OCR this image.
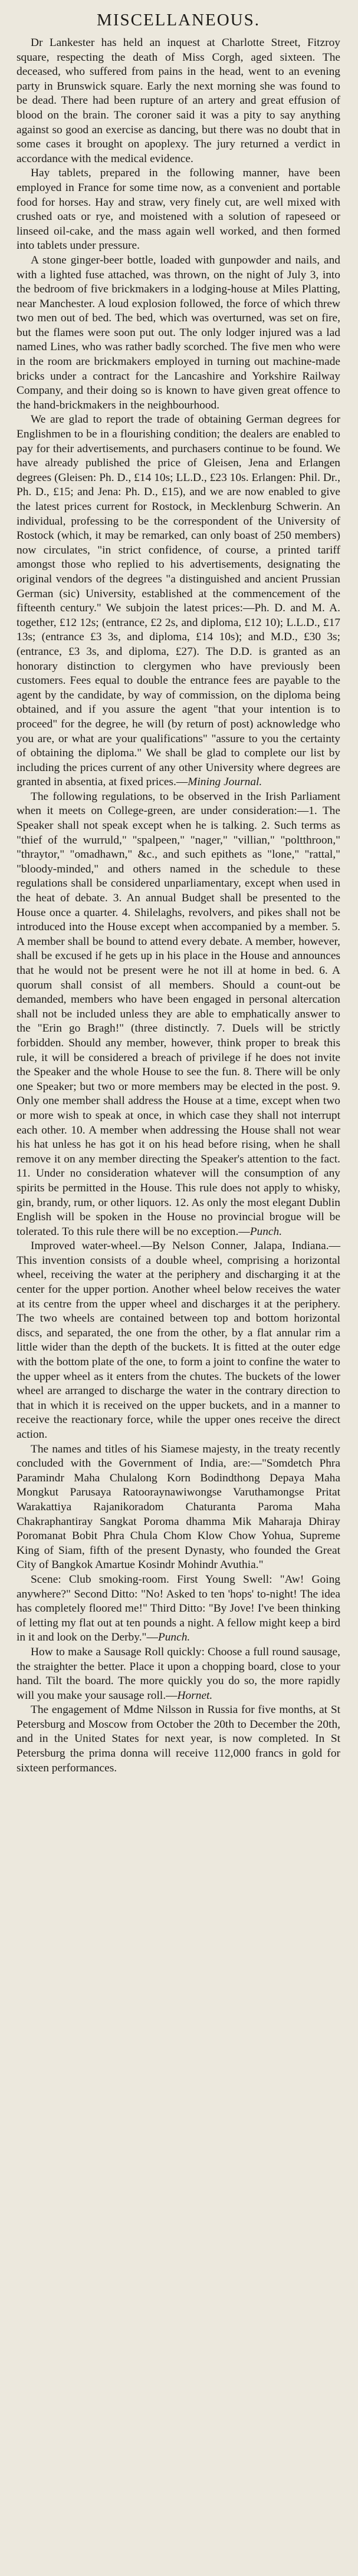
MISCELLANEOUS.

Dr Lankester has held an inquest at Charlotte Street, Fitzroy square, respecting the death of Miss Corgh, aged sixteen. The deceased, who suffered from pains in the head, went to an evening party in Brunswick square. Early the next morning she was found to be dead. There had been rupture of an artery and great effusion of blood on the brain. The coroner said it was a pity to say anything against so good an exercise as dancing, but there was no doubt that in some cases it brought on apoplexy. The jury returned a verdict in accordance with the medical evidence.

Hay tablets, prepared in the following manner, have been employed in France for some time now, as a convenient and portable food for horses. Hay and straw, very finely cut, are well mixed with crushed oats or rye, and moistened with a solution of rapeseed or linseed oil-cake, and the mass again well worked, and then formed into tablets under pressure.

A stone ginger-beer bottle, loaded with gunpowder and nails, and with a lighted fuse attached, was thrown, on the night of July 3, into the bedroom of five brickmakers in a lodging-house at Miles Platting, near Manchester. A loud explosion followed, the force of which threw two men out of bed. The bed, which was overturned, was set on fire, but the flames were soon put out. The only lodger injured was a lad named Lines, who was rather badly scorched. The five men who were in the room are brickmakers employed in turning out machine-made bricks under a contract for the Lancashire and Yorkshire Railway Company, and their doing so is known to have given great offence to the hand-brickmakers in the neighbourhood.

We are glad to report the trade of obtaining German degrees for Englishmen to be in a flourishing condition; the dealers are enabled to pay for their advertisements, and purchasers continue to be found. We have already published the price of Gleisen, Jena and Erlangen degrees (Gleisen: Ph. D., £14 10s; LL.D., £23 10s. Erlangen: Phil. Dr., Ph. D., £15; and Jena: Ph. D., £15), and we are now enabled to give the latest prices current for Rostock, in Mecklenburg Schwerin. An individual, professing to be the correspondent of the University of Rostock (which, it may be remarked, can only boast of 250 members) now circulates, "in strict confidence, of course, a printed tariff amongst those who replied to his advertisements, designating the original vendors of the degrees "a distinguished and ancient Prussian German (sic) University, established at the commencement of the fifteenth century." We subjoin the latest prices:—Ph. D. and M. A. together, £12 12s; (entrance, £2 2s, and diploma, £12 10); L.L.D., £17 13s; (entrance £3 3s, and diploma, £14 10s); and M.D., £30 3s; (entrance, £3 3s, and diploma, £27). The D.D. is granted as an honorary distinction to clergymen who have previously been customers. Fees equal to double the entrance fees are payable to the agent by the candidate, by way of commission, on the diploma being obtained, and if you assure the agent "that your intention is to proceed" for the degree, he will (by return of post) acknowledge who you are, or what are your qualifications" "assure to you the certainty of obtaining the diploma." We shall be glad to complete our list by including the prices current of any other University where degrees are granted in absentia, at fixed prices.—Mining Journal.

The following regulations, to be observed in the Irish Parliament when it meets on College-green, are under consideration:—1. The Speaker shall not speak except when he is talking. 2. Such terms as "thief of the wurruld," "spalpeen," "nager," "villian," "poltthroon," "thraytor," "omadhawn," &c., and such epithets as "lone," "rattal," "bloody-minded," and others named in the schedule to these regulations shall be considered unparliamentary, except when used in the heat of debate. 3. An annual Budget shall be presented to the House once a quarter. 4. Shilelaghs, revolvers, and pikes shall not be introduced into the House except when accompanied by a member. 5. A member shall be bound to attend every debate. A member, however, shall be excused if he gets up in his place in the House and announces that he would not be present were he not ill at home in bed. 6. A quorum shall consist of all members. Should a count-out be demanded, members who have been engaged in personal altercation shall not be included unless they are able to emphatically answer to the "Erin go Bragh!" (three distinctly. 7. Duels will be strictly forbidden. Should any member, however, think proper to break this rule, it will be considered a breach of privilege if he does not invite the Speaker and the whole House to see the fun. 8. There will be only one Speaker; but two or more members may be elected in the post. 9. Only one member shall address the House at a time, except when two or more wish to speak at once, in which case they shall not interrupt each other. 10. A member when addressing the House shall not wear his hat unless he has got it on his head before rising, when he shall remove it on any member directing the Speaker's attention to the fact. 11. Under no consideration whatever will the consumption of any spirits be permitted in the House. This rule does not apply to whisky, gin, brandy, rum, or other liquors. 12. As only the most elegant Dublin English will be spoken in the House no provincial brogue will be tolerated. To this rule there will be no exception.—Punch.

Improved water-wheel.—By Nelson Conner, Jalapa, Indiana.—This invention consists of a double wheel, comprising a horizontal wheel, receiving the water at the periphery and discharging it at the center for the upper portion. Another wheel below receives the water at its centre from the upper wheel and discharges it at the periphery. The two wheels are contained between top and bottom horizontal discs, and separated, the one from the other, by a flat annular rim a little wider than the depth of the buckets. It is fitted at the outer edge with the bottom plate of the one, to form a joint to confine the water to the upper wheel as it enters from the chutes. The buckets of the lower wheel are arranged to discharge the water in the contrary direction to that in which it is received on the upper buckets, and in a manner to receive the reactionary force, while the upper ones receive the direct action.

The names and titles of his Siamese majesty, in the treaty recently concluded with the Government of India, are:—"Somdetch Phra Paramindr Maha Chulalong Korn Bodindthong Depaya Maha Mongkut Parusaya Ratooraynawiwongse Varuthamongse Pritat Warakattiya Rajanikoradom Chaturanta Paroma Maha Chakraphantiray Sangkat Poroma dhamma Mik Maharaja Dhiray Poromanat Bobit Phra Chula Chom Klow Chow Yohua, Supreme King of Siam, fifth of the present Dynasty, who founded the Great City of Bangkok Amartue Kosindr Mohindr Avuthia."

Scene: Club smoking-room. First Young Swell: "Aw! Going anywhere?" Second Ditto: "No! Asked to ten 'hops' to-night! The idea has completely floored me!" Third Ditto: "By Jove! I've been thinking of letting my flat out at ten pounds a night. A fellow might keep a bird in it and look on the Derby."—Punch.

How to make a Sausage Roll quickly: Choose a full round sausage, the straighter the better. Place it upon a chopping board, close to your hand. Tilt the board. The more quickly you do so, the more rapidly will you make your sausage roll.—Hornet.

The engagement of Mdme Nilsson in Russia for five months, at St Petersburg and Moscow from October the 20th to December the 20th, and in the United States for next year, is now completed. In St Petersburg the prima donna will receive 112,000 francs in gold for sixteen performances.
